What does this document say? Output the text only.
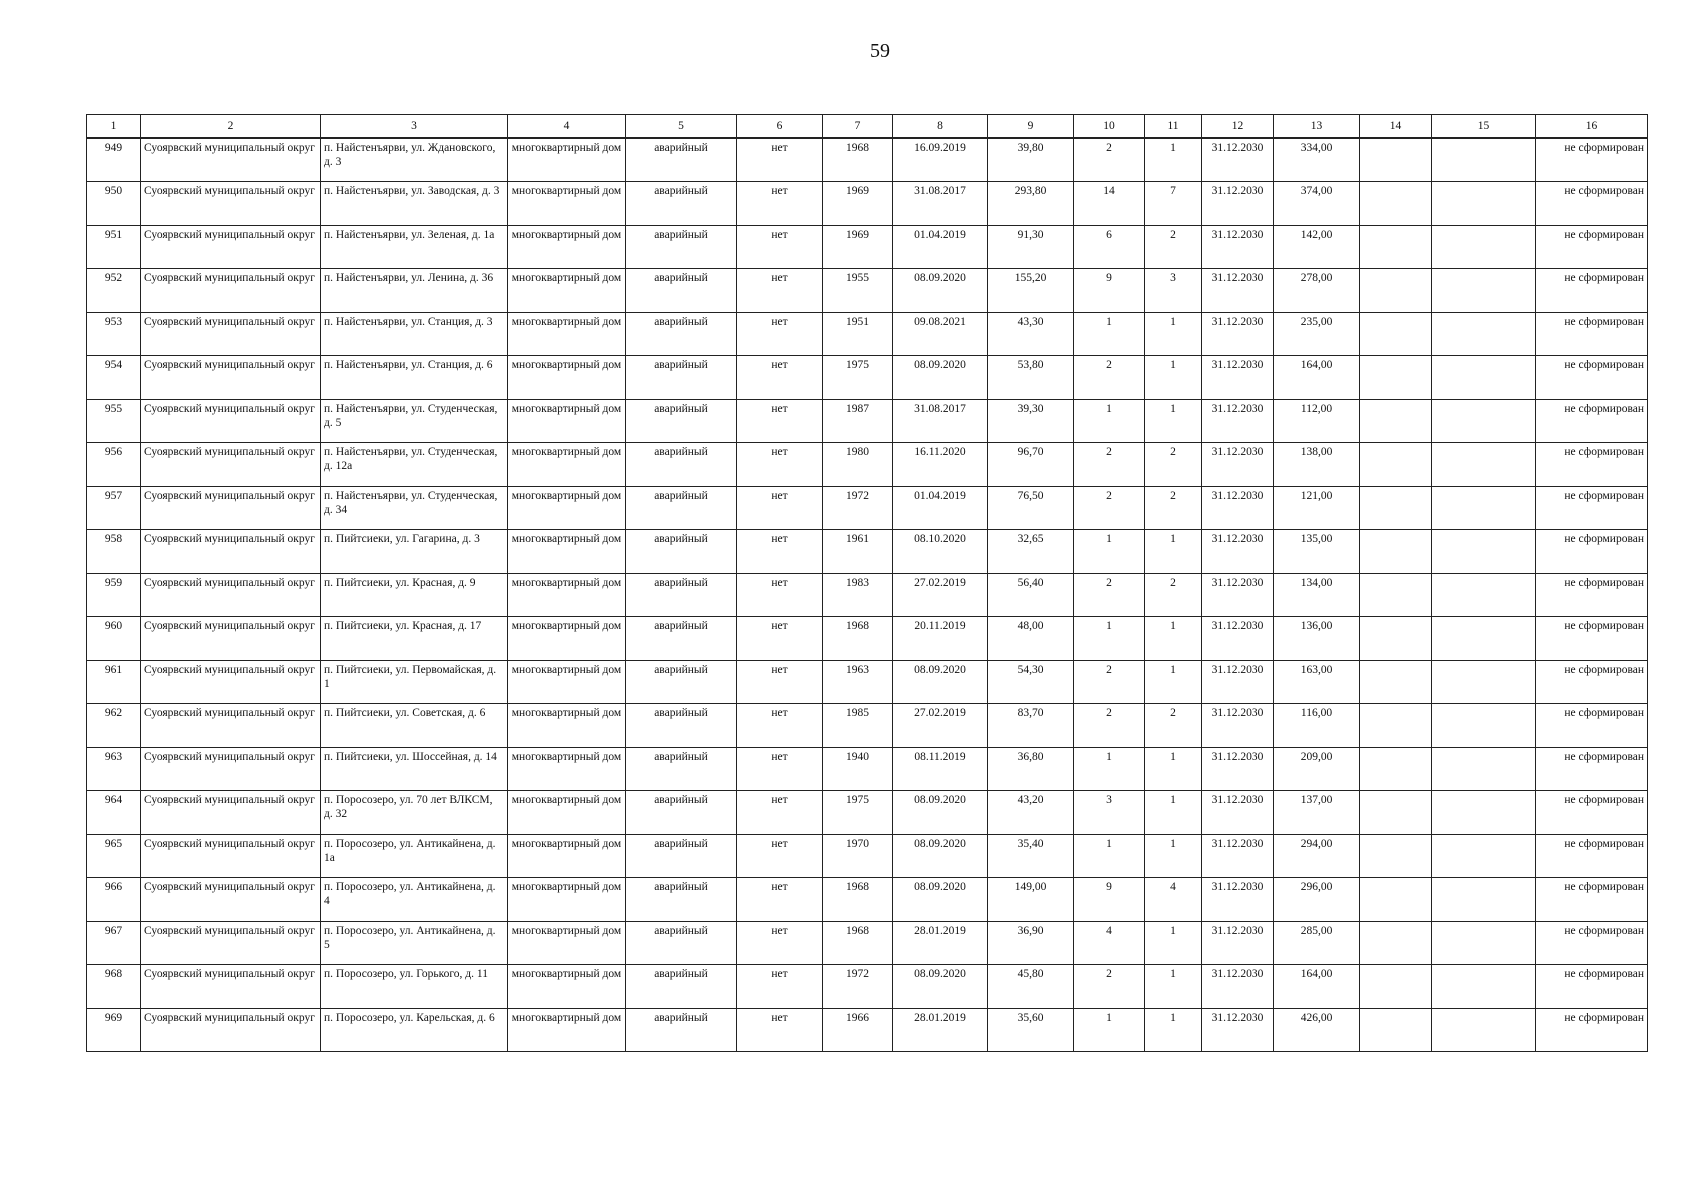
59
1	2	3	4	5	6	7	8	9	10	11	12	13	14	15	16
949	Суоярвский муниципальный округ	п. Найстенъярви, ул. Ждановского, д. 3	многоквартирный дом	аварийный	нет	1968	16.09.2019	39,80	2	1	31.12.2030	334,00			не сформирован
950	Суоярвский муниципальный округ	п. Найстенъярви, ул. Заводская, д. 3	многоквартирный дом	аварийный	нет	1969	31.08.2017	293,80	14	7	31.12.2030	374,00			не сформирован
951	Суоярвский муниципальный округ	п. Найстенъярви, ул. Зеленая, д. 1а	многоквартирный дом	аварийный	нет	1969	01.04.2019	91,30	6	2	31.12.2030	142,00			не сформирован
952	Суоярвский муниципальный округ	п. Найстенъярви, ул. Ленина, д. 36	многоквартирный дом	аварийный	нет	1955	08.09.2020	155,20	9	3	31.12.2030	278,00			не сформирован
953	Суоярвский муниципальный округ	п. Найстенъярви, ул. Станция, д. 3	многоквартирный дом	аварийный	нет	1951	09.08.2021	43,30	1	1	31.12.2030	235,00			не сформирован
954	Суоярвский муниципальный округ	п. Найстенъярви, ул. Станция, д. 6	многоквартирный дом	аварийный	нет	1975	08.09.2020	53,80	2	1	31.12.2030	164,00			не сформирован
955	Суоярвский муниципальный округ	п. Найстенъярви, ул. Студенческая, д. 5	многоквартирный дом	аварийный	нет	1987	31.08.2017	39,30	1	1	31.12.2030	112,00			не сформирован
956	Суоярвский муниципальный округ	п. Найстенъярви, ул. Студенческая, д. 12а	многоквартирный дом	аварийный	нет	1980	16.11.2020	96,70	2	2	31.12.2030	138,00			не сформирован
957	Суоярвский муниципальный округ	п. Найстенъярви, ул. Студенческая, д. 34	многоквартирный дом	аварийный	нет	1972	01.04.2019	76,50	2	2	31.12.2030	121,00			не сформирован
958	Суоярвский муниципальный округ	п. Пийтсиеки, ул. Гагарина, д. 3	многоквартирный дом	аварийный	нет	1961	08.10.2020	32,65	1	1	31.12.2030	135,00			не сформирован
959	Суоярвский муниципальный округ	п. Пийтсиеки, ул. Красная, д. 9	многоквартирный дом	аварийный	нет	1983	27.02.2019	56,40	2	2	31.12.2030	134,00			не сформирован
960	Суоярвский муниципальный округ	п. Пийтсиеки, ул. Красная, д. 17	многоквартирный дом	аварийный	нет	1968	20.11.2019	48,00	1	1	31.12.2030	136,00			не сформирован
961	Суоярвский муниципальный округ	п. Пийтсиеки, ул. Первомайская, д. 1	многоквартирный дом	аварийный	нет	1963	08.09.2020	54,30	2	1	31.12.2030	163,00			не сформирован
962	Суоярвский муниципальный округ	п. Пийтсиеки, ул. Советская, д. 6	многоквартирный дом	аварийный	нет	1985	27.02.2019	83,70	2	2	31.12.2030	116,00			не сформирован
963	Суоярвский муниципальный округ	п. Пийтсиеки, ул. Шоссейная, д. 14	многоквартирный дом	аварийный	нет	1940	08.11.2019	36,80	1	1	31.12.2030	209,00			не сформирован
964	Суоярвский муниципальный округ	п. Поросозеро, ул. 70 лет ВЛКСМ, д. 32	многоквартирный дом	аварийный	нет	1975	08.09.2020	43,20	3	1	31.12.2030	137,00			не сформирован
965	Суоярвский муниципальный округ	п. Поросозеро, ул. Антикайнена, д. 1а	многоквартирный дом	аварийный	нет	1970	08.09.2020	35,40	1	1	31.12.2030	294,00			не сформирован
966	Суоярвский муниципальный округ	п. Поросозеро, ул. Антикайнена, д. 4	многоквартирный дом	аварийный	нет	1968	08.09.2020	149,00	9	4	31.12.2030	296,00			не сформирован
967	Суоярвский муниципальный округ	п. Поросозеро, ул. Антикайнена, д. 5	многоквартирный дом	аварийный	нет	1968	28.01.2019	36,90	4	1	31.12.2030	285,00			не сформирован
968	Суоярвский муниципальный округ	п. Поросозеро, ул. Горького, д. 11	многоквартирный дом	аварийный	нет	1972	08.09.2020	45,80	2	1	31.12.2030	164,00			не сформирован
969	Суоярвский муниципальный округ	п. Поросозеро, ул. Карельская, д. 6	многоквартирный дом	аварийный	нет	1966	28.01.2019	35,60	1	1	31.12.2030	426,00			не сформирован
